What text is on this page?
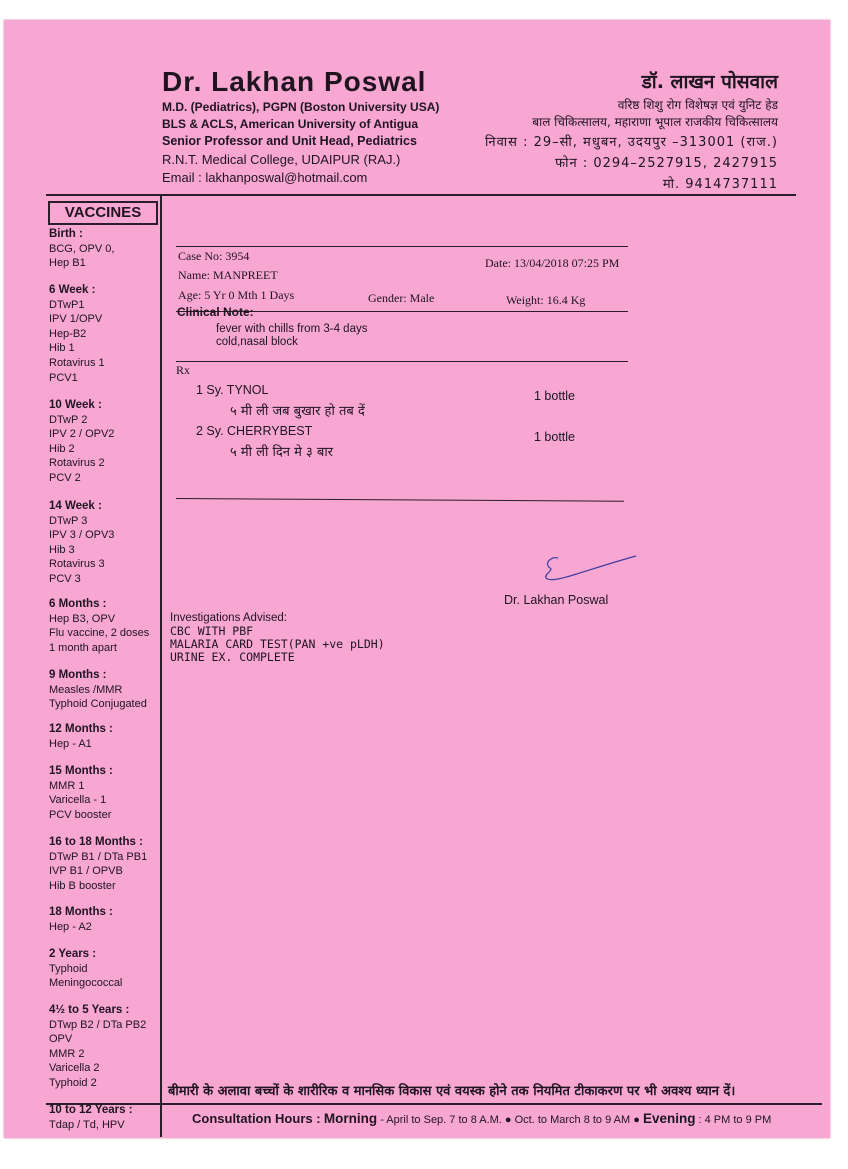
Dr. Lakhan Poswal
M.D. (Pediatrics), PGPN (Boston University USA)
BLS & ACLS, American University of Antigua
Senior Professor and Unit Head, Pediatrics
R.N.T. Medical College, UDAIPUR (RAJ.)
Email : lakhanposwal@hotmail.com
डॉ. लाखन पोसवाल
वरिष्ठ शिशु रोग विशेषज्ञ एवं युनिट हेड
बाल चिकित्सालय, महाराणा भूपाल राजकीय चिकित्सालय
निवास : 29–सी, मधुबन, उदयपुर –313001 (राज.)
फोन : 0294–2527915, 2427915
मो. 9414737111
VACCINES
Birth :
BCG, OPV 0,
Hep B1
6 Week :
DTwP1
IPV 1/OPV
Hep-B2
Hib 1
Rotavirus 1
PCV1
10 Week :
DTwP 2
IPV 2 / OPV2
Hib 2
Rotavirus 2
PCV 2
14 Week :
DTwP 3
IPV 3 / OPV3
Hib 3
Rotavirus 3
PCV 3
6 Months :
Hep B3, OPV
Flu vaccine, 2 doses
1 month apart
9 Months :
Measles /MMR
Typhoid Conjugated
12 Months :
Hep - A1
15 Months :
MMR 1
Varicella - 1
PCV booster
16 to 18 Months :
DTwP B1 / DTa PB1
IVP B1 / OPVB
Hib B booster
18 Months :
Hep - A2
2 Years :
Typhoid
Meningococcal
4½ to 5 Years :
DTwp B2 / DTa PB2
OPV
MMR 2
Varicella 2
Typhoid 2
10 to 12 Years :
Tdap / Td, HPV
Case No: 3954	Date: 13/04/2018 07:25 PM
Name: MANPREET
Age: 5 Yr 0 Mth 1 Days	Gender: Male	Weight: 16.4 Kg
Clinical Note:
fever with chills from 3-4 days
cold,nasal block
Rx
1 Sy. TYNOL
५ मी ली जब बुखार हो तब दें
1 bottle
2 Sy. CHERRYBEST
५ मी ली दिन मे ३ बार
1 bottle
Dr. Lakhan Poswal
Investigations Advised:
CBC WITH PBF
MALARIA CARD TEST(PAN +ve pLDH)
URINE EX. COMPLETE
बीमारी के अलावा बच्चों के शारीरिक व मानसिक विकास एवं वयस्क होने तक नियमित टीकाकरण पर भी अवश्य ध्यान दें।
Consultation Hours : Morning - April to Sep. 7 to 8 A.M. ● Oct. to March 8 to 9 AM ● Evening : 4 PM to 9 PM
